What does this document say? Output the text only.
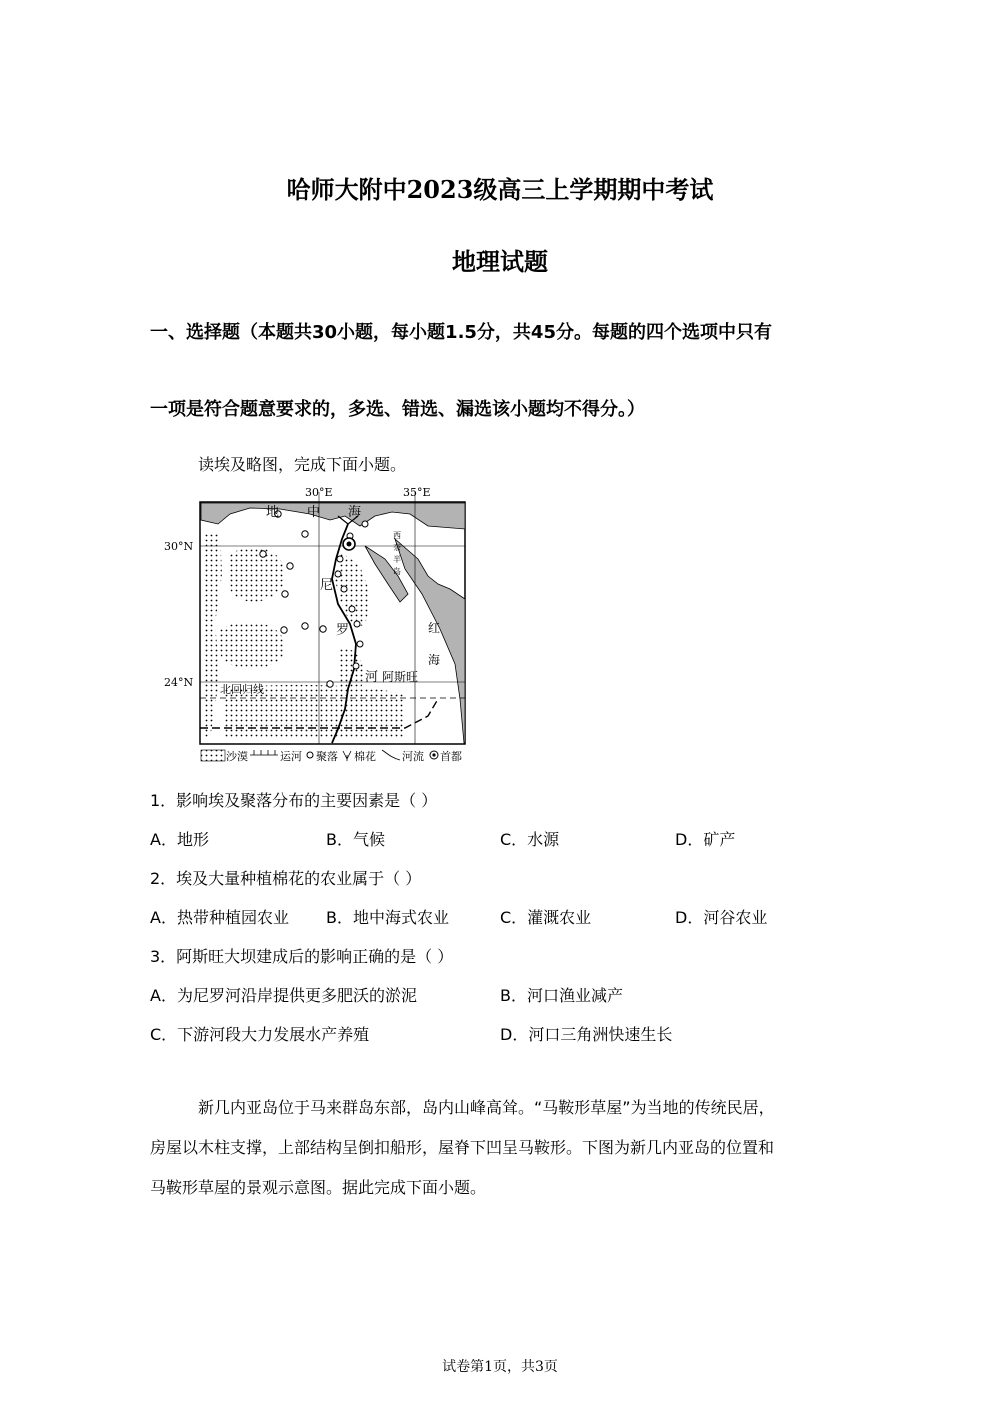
哈师大附中2023级高三上学期期中考试
地理试题
一、选择题（本题共30小题，每小题1.5分，共45分。每题的四个选项中只有
一项是符合题意要求的，多选、错选、漏选该小题均不得分。）
读埃及略图，完成下面小题。
30°E	35°E
30°N
24°N
地 中 海
西
奈
半
岛
红
海
尼
罗
河 阿斯旺
北回归线
沙漠	运河 聚落 棉花 河流 首都
1．影响埃及聚落分布的主要因素是（ ）
A．地形	B．气候	C．水源	D．矿产
2．埃及大量种植棉花的农业属于（ ）
A．热带种植园农业 B．地中海式农业	C．灌溉农业	D．河谷农业
3．阿斯旺大坝建成后的影响正确的是（ ）
A．为尼罗河沿岸提供更多肥沃的淤泥	B．河口渔业减产
C．下游河段大力发展水产养殖	D．河口三角洲快速生长
新几内亚岛位于马来群岛东部，岛内山峰高耸。“马鞍形草屋”为当地的传统民居，
房屋以木柱支撑，上部结构呈倒扣船形，屋脊下凹呈马鞍形。下图为新几内亚岛的位置和
马鞍形草屋的景观示意图。据此完成下面小题。
试卷第1页，共3页
